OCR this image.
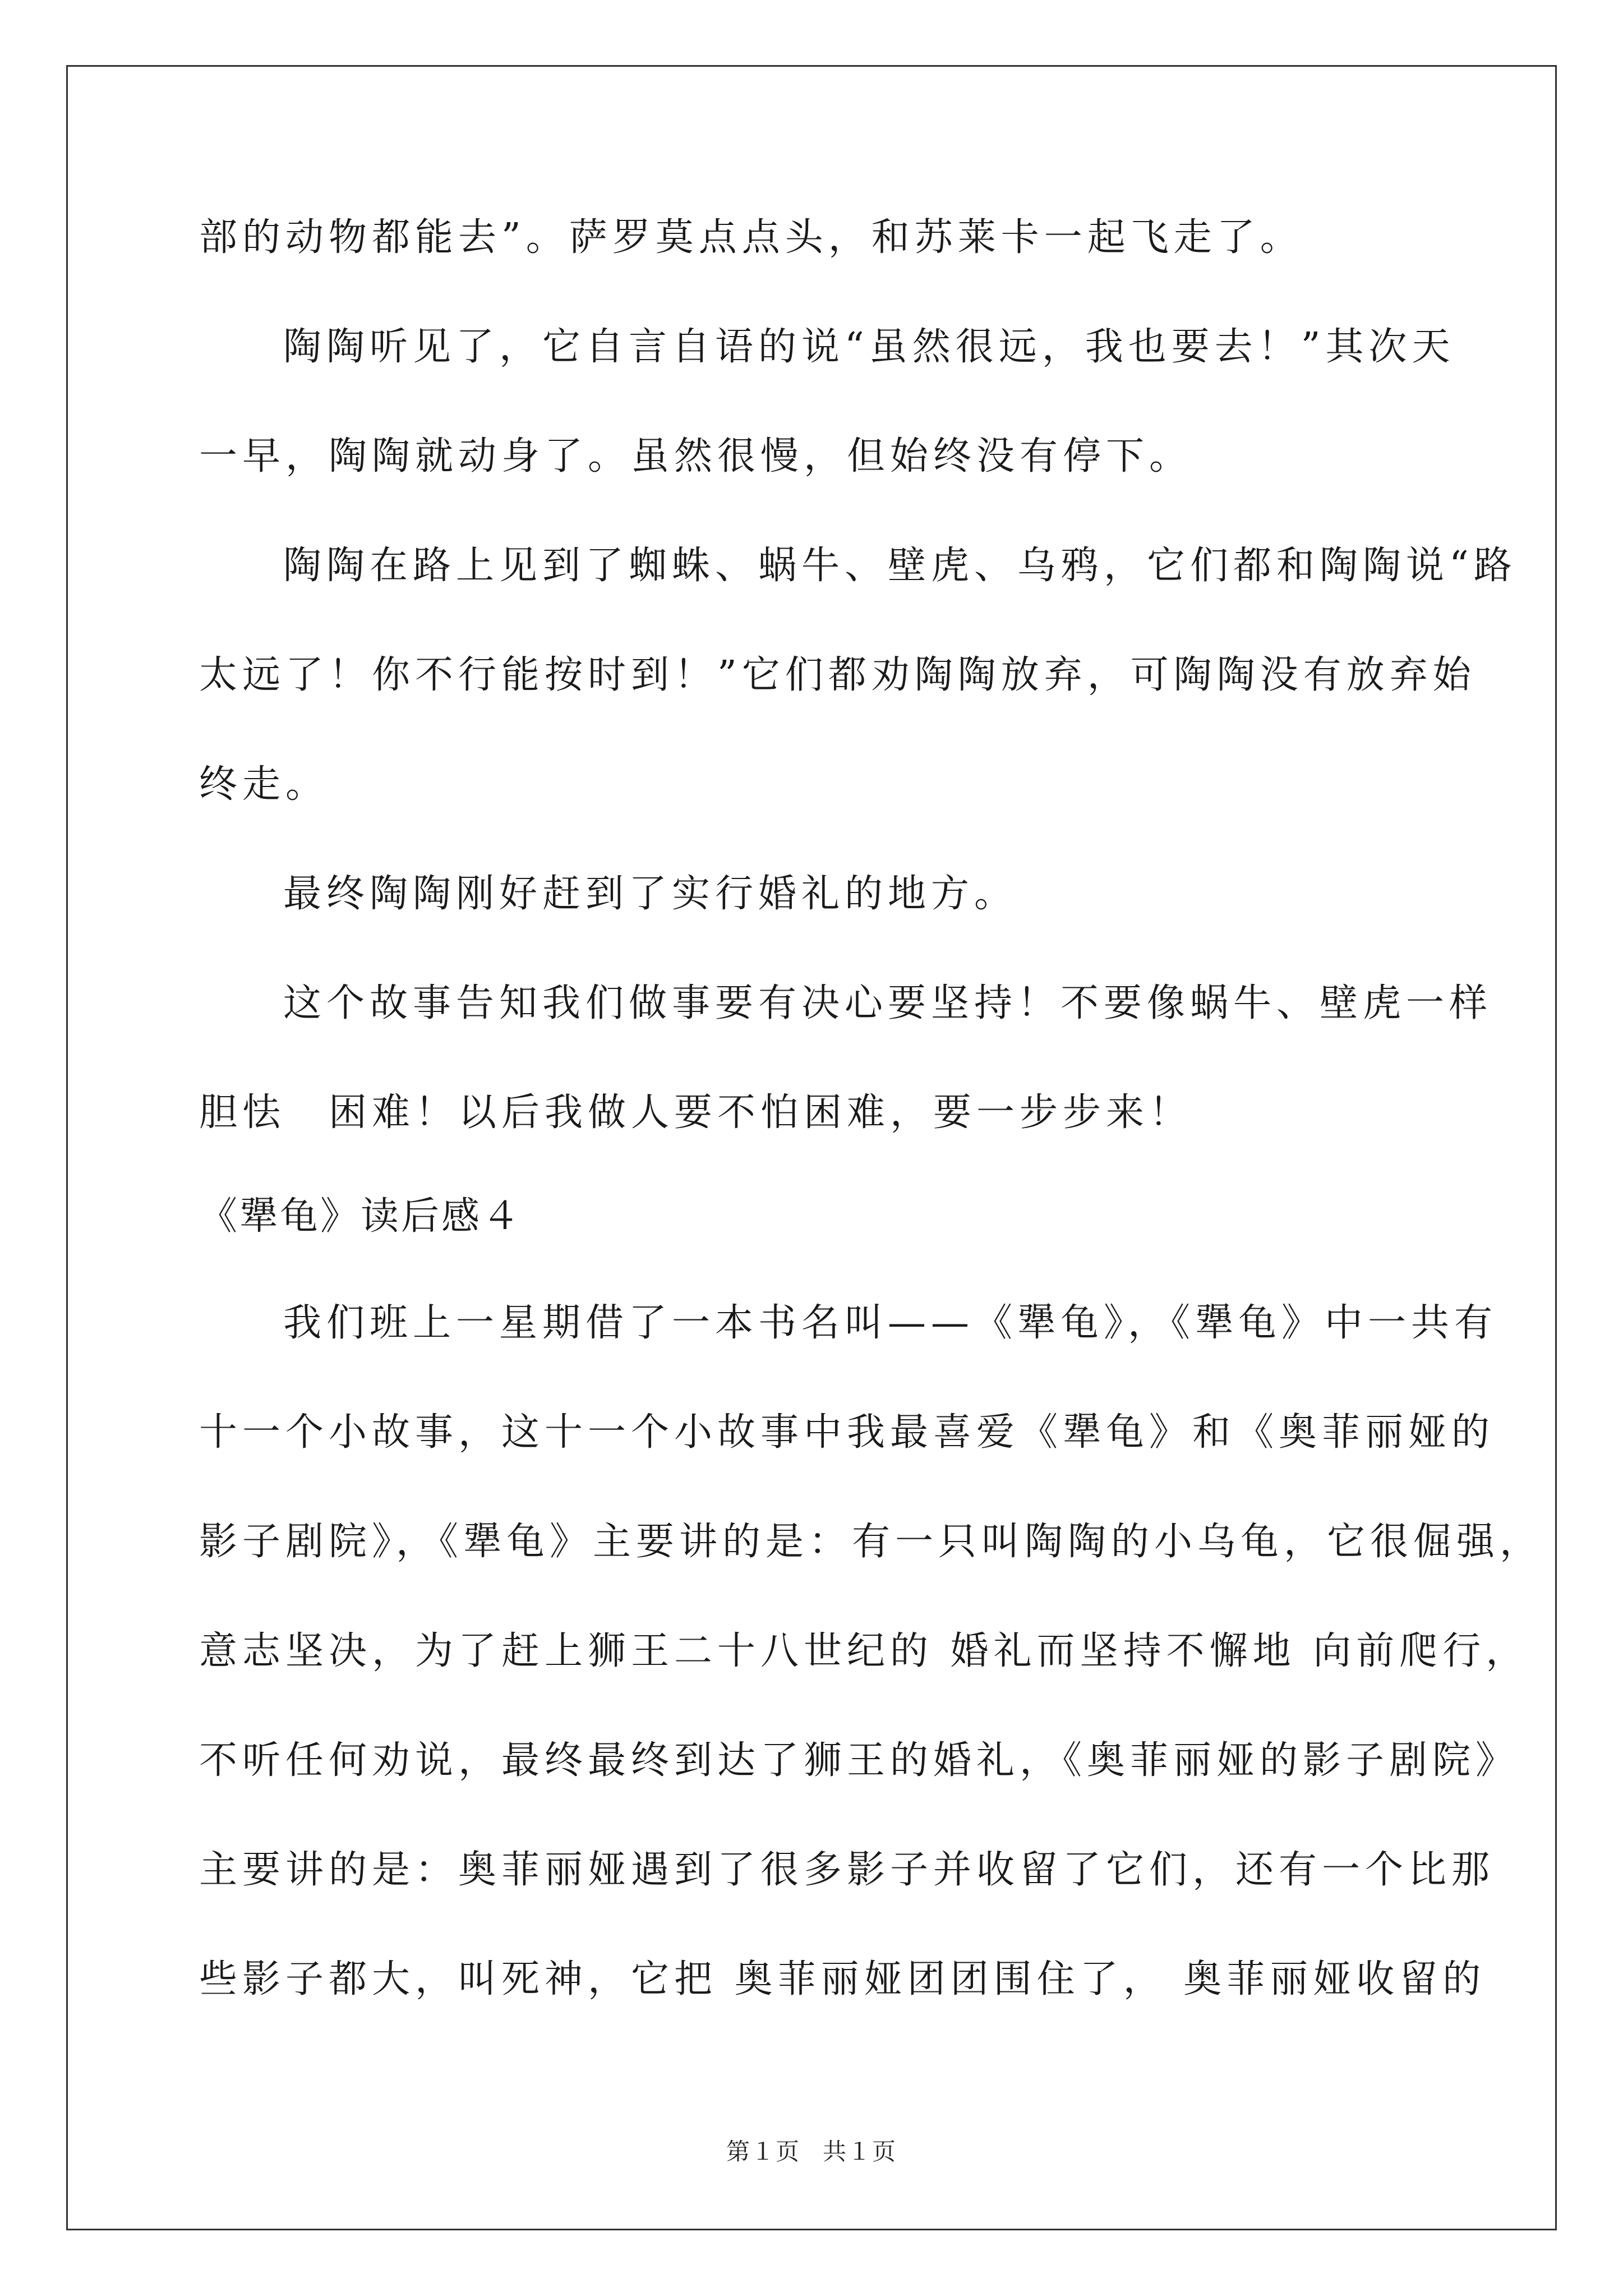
部的动物都能去”。萨罗莫点点头，和苏莱卡一起飞走了。
陶陶听见了，它自言自语的说“虽然很远，我也要去！”其次天
一早，陶陶就动身了。虽然很慢，但始终没有停下。
陶陶在路上见到了蜘蛛、蜗牛、壁虎、乌鸦，它们都和陶陶说“路
太远了！你不行能按时到！”它们都劝陶陶放弃，可陶陶没有放弃始
终走。
最终陶陶刚好赶到了实行婚礼的地方。
这个故事告知我们做事要有决心要坚持！不要像蜗牛、壁虎一样
胆怯　困难！以后我做人要不怕困难，要一步步来！
《犟龟》读后感４
我们班上一星期借了一本书名叫——《犟龟》，《犟龟》中一共有
十一个小故事，这十一个小故事中我最喜爱《犟龟》和《奥菲丽娅的
影子剧院》，《犟龟》主要讲的是：有一只叫陶陶的小乌龟，它很倔强，
意志坚决，为了赶上狮王二十八世纪的 婚礼而坚持不懈地 向前爬行，
不听任何劝说，最终最终到达了狮王的婚礼，《奥菲丽娅的影子剧院》
主要讲的是：奥菲丽娅遇到了很多影子并收留了它们，还有一个比那
些影子都大，叫死神，它把 奥菲丽娅团团围住了， 奥菲丽娅收留的
第１页 共１页
